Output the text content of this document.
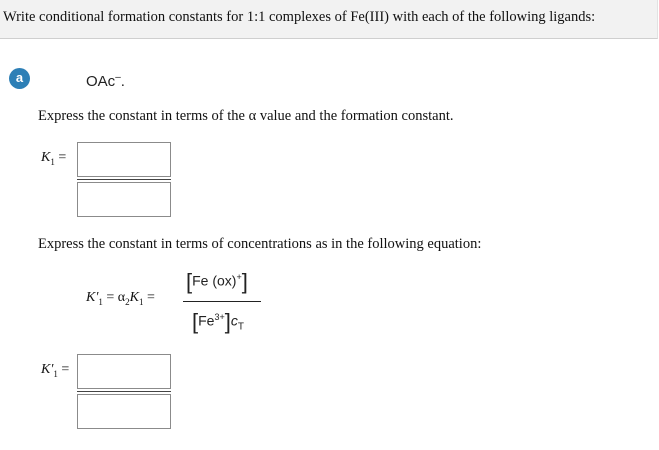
Write conditional formation constants for 1:1 complexes of Fe(III) with each of the following ligands:
a	OAc–.
Express the constant in terms of the α value and the formation constant.
$K_1$ =
Express the constant in terms of concentrations as in the following equation:
$K'_1 = \alpha_2K_1$ =
[Fe (ox)+]
$[Fe^{3+}]c_T$
$K'_1$ =
